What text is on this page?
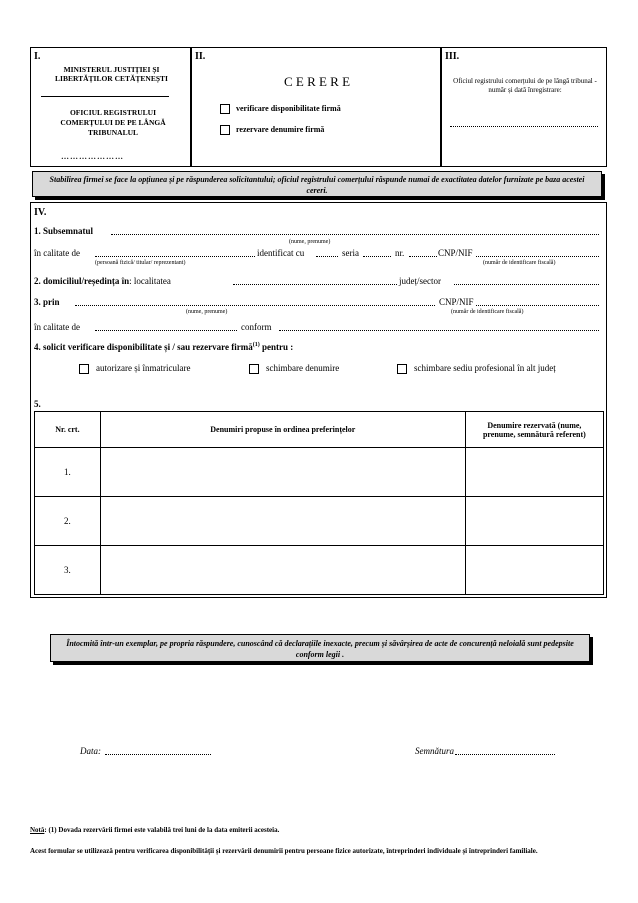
I.
MINISTERUL JUSTIȚIEI ȘI LIBERTĂȚILOR CETĂȚENEȘTI
OFICIUL REGISTRULUI COMERȚULUI DE PE LÂNGĂ TRIBUNALUL
…………………
II.
C E R E R E
verificare disponibilitate firmă
rezervare denumire firmă
III.
Oficiul registrului comerțului de pe lângă tribunal - număr și dată înregistrare:
Stabilirea firmei se face la opțiunea și pe răspunderea solicitantului; oficiul registrului comerțului răspunde numai de exactitatea datelor furnizate pe baza acestei cereri.
IV.
1. Subsemnatul
(nume, prenume)
în calitate de	identificat cu	seria	nr.	CNP/NIF
(persoană fizică/ titular/ reprezentant)	(număr de identificare fiscală)
2. domiciliul/reședința în: localitatea	județ/sector
3. prin	CNP/NIF
(nume, prenume)	(număr de identificare fiscală)
în calitate de	conform
4. solicit verificare disponibilitate și / sau rezervare firmă$^{(1)}$ pentru :
autorizare și înmatriculare	schimbare denumire	schimbare sediu profesional în alt județ
5.
Nr. crt.	Denumiri propuse în ordinea preferințelor	Denumire rezervată (nume, prenume, semnătură referent)
1.		
2.		
3.		
Întocmită într-un exemplar, pe propria răspundere, cunoscând că declarațiile inexacte, precum și săvârșirea de acte de concurență neloială sunt pedepsite conform legii .
Data:	Semnătura
Notă: (1) Dovada rezervării firmei este valabilă trei luni de la data emiterii acesteia.
Acest formular se utilizează pentru verificarea disponibilității și rezervării denumirii pentru persoane fizice autorizate, întreprinderi individuale și întreprinderi familiale.
